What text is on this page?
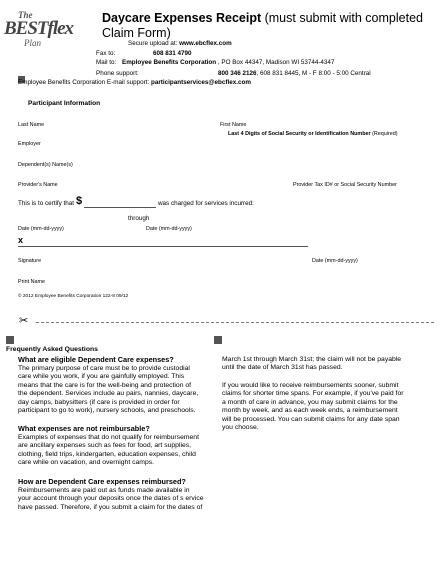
The
BESTflex
Plan
Daycare Expenses Receipt (must submit with completed
Claim Form)
Secure upload at: www.ebcflex.com
Fax to:	608 831 4790
Mail to: Employee Benefits Corporation , PO Box 44347, Madison WI 53744-4347
Phone support:	800 346 2126, 608 831 8445, M - F 8:00 - 5:00 Central
Employee Benefits Corporation E-mail support: participantservices@ebcflex.com
Participant Information
Last Name	First Name
Last 4 Digits of Social Security or Identification Number (Required)
Employer
Dependent(s) Name(s)
Provider's Name	Provider Tax ID# or Social Security Number
This is to certify that $	was charged for services incurred:
through
Date (mm-dd-yyyy)	Date (mm-dd-yyyy)
x
Signature	Date (mm-dd-yyyy)
Print Name
© 2012 Employee Benefits Corporation 122-8 09/12
✂
Frequently Asked Questions
What are eligible Dependent Care expenses?
The primary purpose of care must be to provide custodial
care while you work, if you are gainfully employed. This
means that the care is for the well-being and protection of
the dependent. Services include au pairs, nannies, daycare,
day camps, babysitters (if care is provided in order for
participant to go to work), nursery schools, and preschools.
What expenses are not reimbursable?
Examples of expenses that do not qualify for reimbursement
are ancillary expenses such as fees for food, art supplies,
clothing, field trips, kindergarten, education expenses, child
care while on vacation, and overnight camps.
How are Dependent Care expenses reimbursed?
Reimbursements are paid out as funds made available in
your account through your deposits once the dates of s ervice
have passed. Therefore, if you submit a claim for the dates of
March 1st through March 31st; the claim will not be payable
until the date of March 31st has passed.
If you would like to receive reimbursements sooner, submit
claims for shorter time spans. For example, if you've paid for
a month of care in advance, you may submit claims for the
month by week, and as each week ends, a reimbursement
will be processed. You can submit claims for any date span
you choose.
